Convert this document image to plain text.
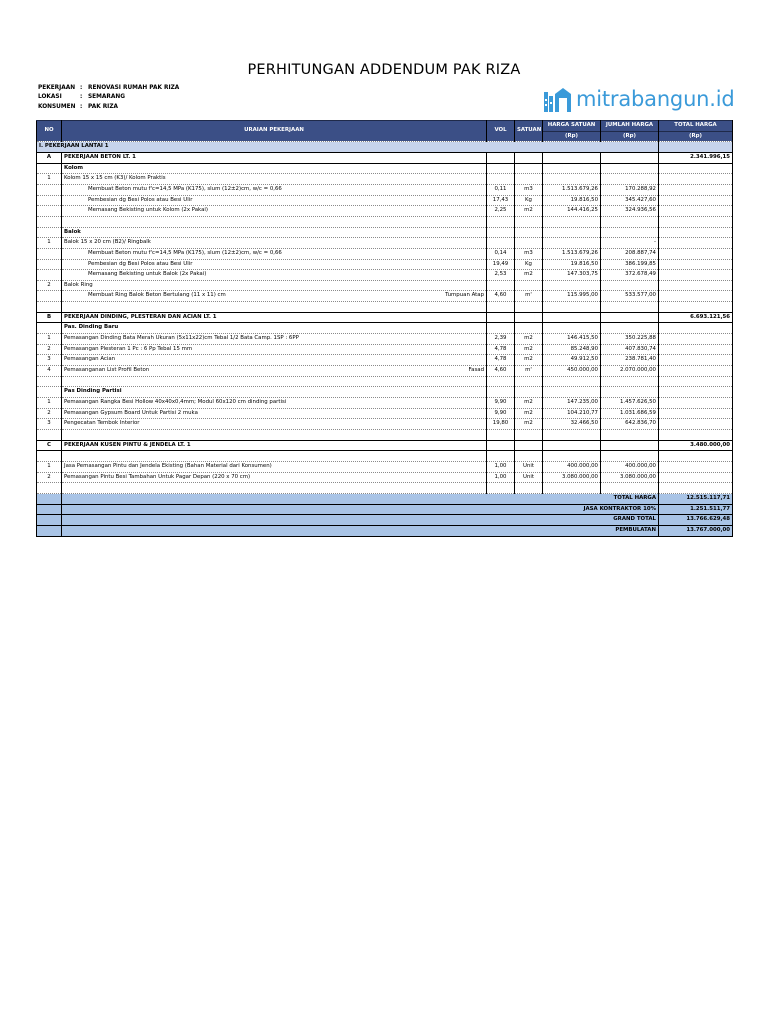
PERHITUNGAN ADDENDUM PAK RIZA
PEKERJAAN : RENOVASI RUMAH PAK RIZA
LOKASI	: SEMARANG
KONSUMEN : PAK RIZA	mitrabangun.id
NO	URAIAN PEKERJAAN	VOL	SATUAN	HARGA SATUAN	JUMLAH HARGA	TOTAL HARGA
				(Rp)	(Rp)	(Rp)
I. PEKERJAAN LANTAI 1						
A	PEKERJAAN BETON LT. 1					2.341.996,15
	Kolom					
1	Kolom 15 x 15 cm (K3)/ Kolom Praktis					
	Membuat Beton mutu f'c=14,5 MPa (K175), slum (12±2)cm, w/c = 0,66	0,11	m3	1.513.679,26	170.288,92	
	Pembesian dg Besi Polos atau Besi Ulir	17,43	Kg	19.816,50	345.427,60	
	Memasang Bekisting untuk Kolom (2x Pakai)	2,25	m2	144.416,25	324.936,56	

	Balok					
1	Balok 15 x 20 cm (B2)/ Ringbalk				-	
	Membuat Beton mutu f'c=14,5 MPa (K175), slum (12±2)cm, w/c = 0,66	0,14	m3	1.513.679,26	208.887,74	
	Pembesian dg Besi Polos atau Besi Ulir	19,49	Kg	19.816,50	386.199,85	
	Memasang Bekisting untuk Balok (2x Pakai)	2,53	m2	147.303,75	372.678,49	
2	Balok Ring					

	Membuat Ring Balok Beton Bertulang (11 x 11) cm Tumpuan Atap	4,60	m'	115.995,00	533.577,00	

B	PEKERJAAN DINDING, PLESTERAN DAN ACIAN LT. 1					6.693.121,56
	Pas. Dinding Baru					
1	Pemasangan Dinding Bata Merah Ukuran (5x11x22)cm Tebal 1/2 Bata Camp. 1SP : 6PP	2,39	m2	146.415,50	350.225,88	
2	Pemasangan Plesteran 1 Pc : 6 Pp Tebal 15 mm	4,78	m2	85.248,90	407.830,74	
3	Pemasangan Acian	4,78	m2	49.912,50	238.781,40	
4	Pemasanganan List Profil Beton Fasad	4,60	m'	450.000,00	2.070.000,00	

	Pas Dinding Partisi					
1	Pemasangan Rangka Besi Hollow 40x40x0,4mm; Modul 60x120 cm dinding partisi	9,90	m2	147.235,00	1.457.626,50	
2	Pemasangan Gypsum Board Untuk Partisi 2 muka	9,90	m2	104.210,77	1.031.686,59	
3	Pengecatan Tembok Interior	19,80	m2	32.466,50	642.836,70	

C	PEKERJAAN KUSEN PINTU & JENDELA LT. 1					3.480.000,00

1	Jasa Pemasangan Pintu dan Jendela Ekisting (Bahan Material dari Konsumen)	1,00	Unit	400.000,00	400.000,00	
2	Pemasangan Pintu Besi Tambahan Untuk Pagar Depan (220 x 70 cm)	1,00	Unit	3.080.000,00	3.080.000,00	

	TOTAL HARGA					12.515.117,71
	JASA KONTRAKTOR 10%					1.251.511,77
	GRAND TOTAL					13.766.629,48
	PEMBULATAN					13.767.000,00
